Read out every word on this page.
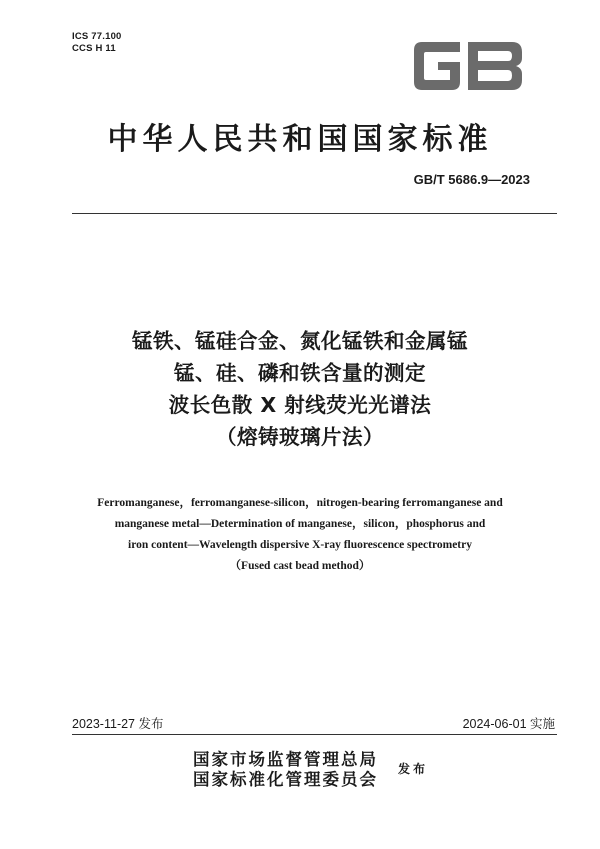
ICS 77.100
CCS H 11
中华人民共和国国家标准
GB/T 5686.9—2023
锰铁、锰硅合金、氮化锰铁和金属锰
锰、硅、磷和铁含量的测定
波长色散 X 射线荧光光谱法
（熔铸玻璃片法）
Ferromanganese，ferromanganese-silicon，nitrogen-bearing ferromanganese and
manganese metal—Determination of manganese，silicon，phosphorus and
iron content—Wavelength dispersive X-ray fluorescence spectrometry
（Fused cast bead method）
2023-11-27 发布	2024-06-01 实施
国家市场监督管理总局
国家标准化管理委员会
发布
